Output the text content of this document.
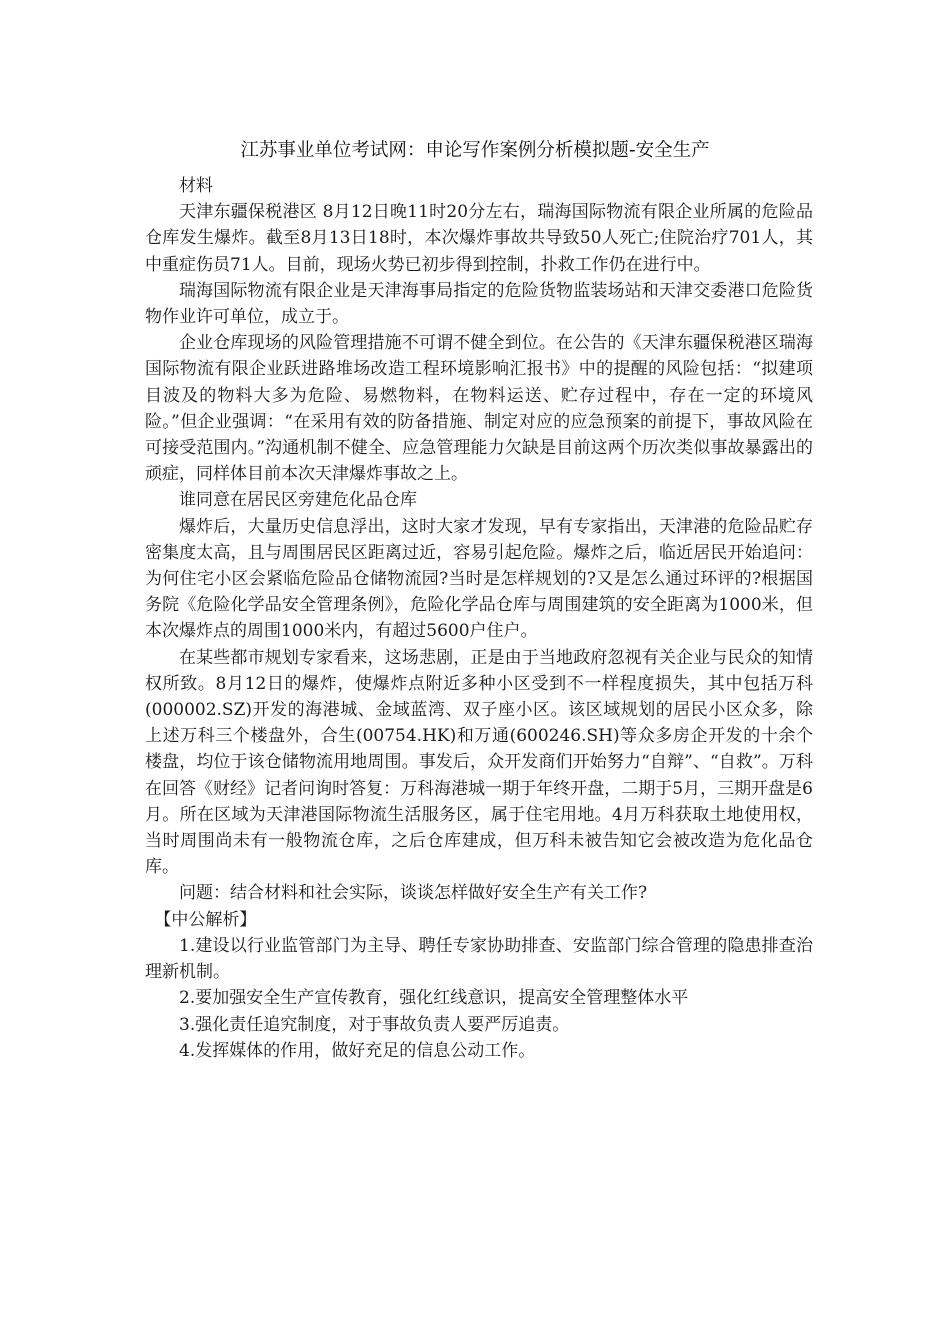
江苏事业单位考试网：申论写作案例分析模拟题-安全生产

材料

天津东疆保税港区 8月12日晚11时20分左右，瑞海国际物流有限企业所属的危险品仓库发生爆炸。截至8月13日18时，本次爆炸事故共导致50人死亡;住院治疗701人，其中重症伤员71人。目前，现场火势已初步得到控制，扑救工作仍在进行中。

瑞海国际物流有限企业是天津海事局指定的危险货物监装场站和天津交委港口危险货物作业许可单位，成立于。

企业仓库现场的风险管理措施不可谓不健全到位。在公告的《天津东疆保税港区瑞海国际物流有限企业跃进路堆场改造工程环境影响汇报书》中的提醒的风险包括：“拟建项目波及的物料大多为危险、易燃物料，在物料运送、贮存过程中，存在一定的环境风险。”但企业强调：“在采用有效的防备措施、制定对应的应急预案的前提下，事故风险在可接受范围内。”沟通机制不健全、应急管理能力欠缺是目前这两个历次类似事故暴露出的顽症，同样体目前本次天津爆炸事故之上。

谁同意在居民区旁建危化品仓库

爆炸后，大量历史信息浮出，这时大家才发现，早有专家指出，天津港的危险品贮存密集度太高，且与周围居民区距离过近，容易引起危险。爆炸之后，临近居民开始追问：为何住宅小区会紧临危险品仓储物流园?当时是怎样规划的?又是怎么通过环评的?根据国务院《危险化学品安全管理条例》，危险化学品仓库与周围建筑的安全距离为1000米，但本次爆炸点的周围1000米内，有超过5600户住户。

在某些都市规划专家看来，这场悲剧，正是由于当地政府忽视有关企业与民众的知情权所致。8月12日的爆炸，使爆炸点附近多种小区受到不一样程度损失，其中包括万科(000002.SZ)开发的海港城、金域蓝湾、双子座小区。该区域规划的居民小区众多，除上述万科三个楼盘外，合生(00754.HK)和万通(600246.SH)等众多房企开发的十余个楼盘，均位于该仓储物流用地周围。事发后，众开发商们开始努力“自辩”、“自救”。万科在回答《财经》记者问询时答复：万科海港城一期于年终开盘，二期于5月，三期开盘是6月。所在区域为天津港国际物流生活服务区，属于住宅用地。4月万科获取土地使用权，当时周围尚未有一般物流仓库，之后仓库建成，但万科未被告知它会被改造为危化品仓库。

问题：结合材料和社会实际，谈谈怎样做好安全生产有关工作?

【中公解析】

1.建设以行业监管部门为主导、聘任专家协助排查、安监部门综合管理的隐患排查治理新机制。

2.要加强安全生产宣传教育，强化红线意识，提高安全管理整体水平

3.强化责任追究制度，对于事故负责人要严厉追责。

4.发挥媒体的作用，做好充足的信息公动工作。
